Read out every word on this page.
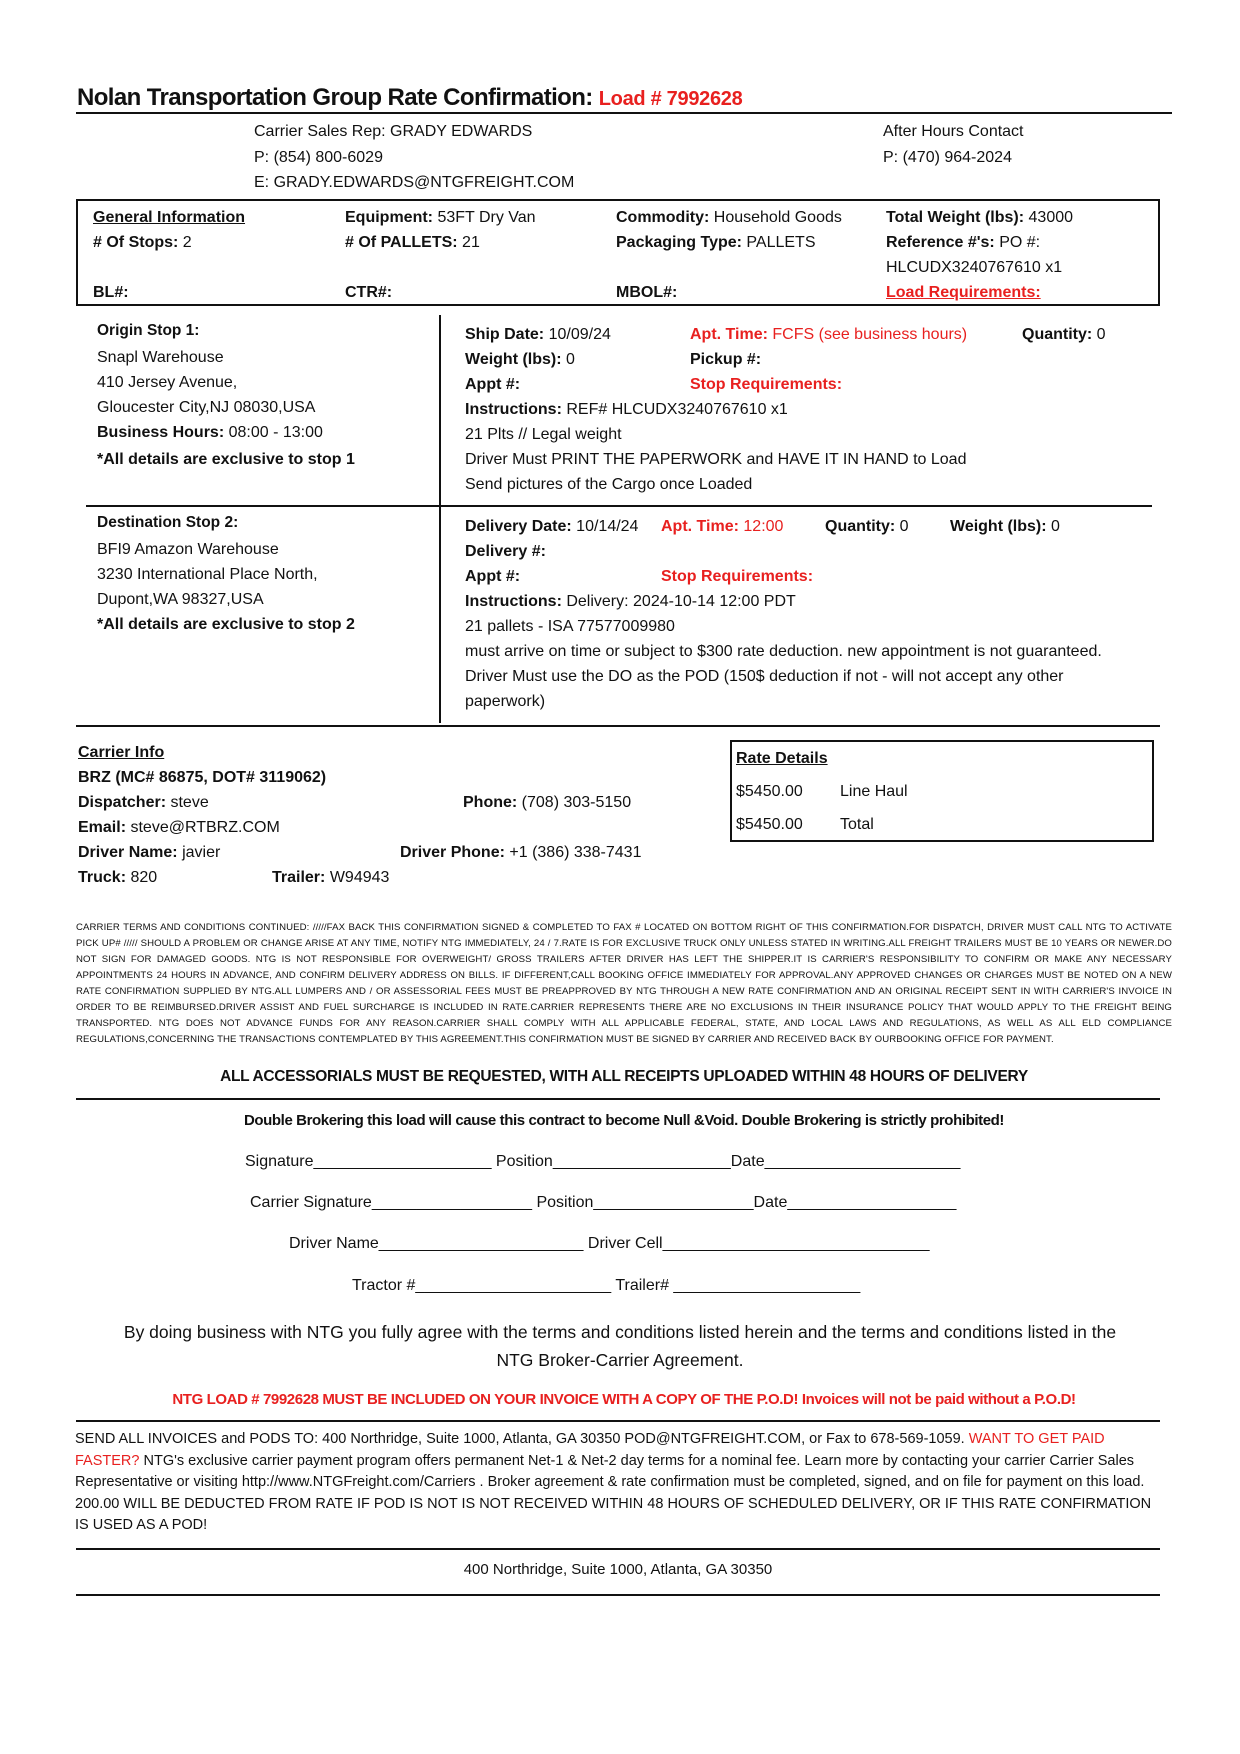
Nolan Transportation Group Rate Confirmation: Load # 7992628
Carrier Sales Rep: GRADY EDWARDS
P: (854) 800-6029
E: GRADY.EDWARDS@NTGFREIGHT.COM
After Hours Contact
P: (470) 964-2024
General Information
# Of Stops: 2
Equipment: 53FT Dry Van
# Of PALLETS: 21
Commodity: Household Goods
Packaging Type: PALLETS
Total Weight (lbs): 43000
Reference #'s: PO #:
HLCUDX3240767610 x1
BL#:	CTR#:	MBOL#:	Load Requirements:
Origin Stop 1:
Snapl Warehouse
410 Jersey Avenue,
Gloucester City,NJ 08030,USA
Business Hours: 08:00 - 13:00
*All details are exclusive to stop 1
Ship Date: 10/09/24	Apt. Time: FCFS (see business hours)	Quantity: 0
Weight (lbs): 0	Pickup #:
Appt #:	Stop Requirements:
Instructions: REF# HLCUDX3240767610 x1
21 Plts // Legal weight
Driver Must PRINT THE PAPERWORK and HAVE IT IN HAND to Load
Send pictures of the Cargo once Loaded
Destination Stop 2:
BFI9 Amazon Warehouse
3230 International Place North,
Dupont,WA 98327,USA
*All details are exclusive to stop 2
Delivery Date: 10/14/24 Apt. Time: 12:00	Quantity: 0	Weight (lbs): 0
Delivery #:
Appt #:	Stop Requirements:
Instructions: Delivery: 2024-10-14 12:00 PDT
21 pallets - ISA 77577009980
must arrive on time or subject to $300 rate deduction. new appointment is not guaranteed.
Driver Must use the DO as the POD (150$ deduction if not - will not accept any other
paperwork)
Carrier Info
BRZ (MC# 86875, DOT# 3119062)
Dispatcher: steve	Phone: (708) 303-5150
Email: steve@RTBRZ.COM
Driver Name: javier	Driver Phone: +1 (386) 338-7431
Truck: 820	Trailer: W94943
Rate Details
$5450.00 Line Haul
$5450.00 Total
CARRIER TERMS AND CONDITIONS CONTINUED: /////FAX BACK THIS CONFIRMATION SIGNED & COMPLETED TO FAX # LOCATED ON BOTTOM RIGHT OF THIS CONFIRMATION.FOR DISPATCH, DRIVER MUST CALL NTG TO ACTIVATE PICK UP# ///// SHOULD A PROBLEM OR CHANGE ARISE AT ANY TIME, NOTIFY NTG IMMEDIATELY, 24 / 7.RATE IS FOR EXCLUSIVE TRUCK ONLY UNLESS STATED IN WRITING.ALL FREIGHT TRAILERS MUST BE 10 YEARS OR NEWER.DO NOT SIGN FOR DAMAGED GOODS. NTG IS NOT RESPONSIBLE FOR OVERWEIGHT/ GROSS TRAILERS AFTER DRIVER HAS LEFT THE SHIPPER.IT IS CARRIER'S RESPONSIBILITY TO CONFIRM OR MAKE ANY NECESSARY APPOINTMENTS 24 HOURS IN ADVANCE, AND CONFIRM DELIVERY ADDRESS ON BILLS. IF DIFFERENT,CALL BOOKING OFFICE IMMEDIATELY FOR APPROVAL.ANY APPROVED CHANGES OR CHARGES MUST BE NOTED ON A NEW RATE CONFIRMATION SUPPLIED BY NTG.ALL LUMPERS AND / OR ASSESSORIAL FEES MUST BE PREAPPROVED BY NTG THROUGH A NEW RATE CONFIRMATION AND AN ORIGINAL RECEIPT SENT IN WITH CARRIER'S INVOICE IN ORDER TO BE REIMBURSED.DRIVER ASSIST AND FUEL SURCHARGE IS INCLUDED IN RATE.CARRIER REPRESENTS THERE ARE NO EXCLUSIONS IN THEIR INSURANCE POLICY THAT WOULD APPLY TO THE FREIGHT BEING TRANSPORTED. NTG DOES NOT ADVANCE FUNDS FOR ANY REASON.CARRIER SHALL COMPLY WITH ALL APPLICABLE FEDERAL, STATE, AND LOCAL LAWS AND REGULATIONS, AS WELL AS ALL ELD COMPLIANCE REGULATIONS,CONCERNING THE TRANSACTIONS CONTEMPLATED BY THIS AGREEMENT.THIS CONFIRMATION MUST BE SIGNED BY CARRIER AND RECEIVED BACK BY OURBOOKING OFFICE FOR PAYMENT.
ALL ACCESSORIALS MUST BE REQUESTED, WITH ALL RECEIPTS UPLOADED WITHIN 48 HOURS OF DELIVERY
Double Brokering this load will cause this contract to become Null &Void. Double Brokering is strictly prohibited!
Signature____________________ Position____________________Date______________________
Carrier Signature__________________ Position__________________Date___________________
Driver Name_______________________ Driver Cell______________________________
Tractor #______________________ Trailer# _____________________
By doing business with NTG you fully agree with the terms and conditions listed herein and the terms and conditions listed in the
NTG Broker-Carrier Agreement.
NTG LOAD # 7992628 MUST BE INCLUDED ON YOUR INVOICE WITH A COPY OF THE P.O.D! Invoices will not be paid without a P.O.D!
SEND ALL INVOICES and PODS TO: 400 Northridge, Suite 1000, Atlanta, GA 30350 POD@NTGFREIGHT.COM, or Fax to 678-569-1059. WANT TO GET PAID FASTER? NTG's exclusive carrier payment program offers permanent Net-1 & Net-2 day terms for a nominal fee. Learn more by contacting your carrier Carrier Sales Representative or visiting http://www.NTGFreight.com/Carriers . Broker agreement & rate confirmation must be completed, signed, and on file for payment on this load. 200.00 WILL BE DEDUCTED FROM RATE IF POD IS NOT IS NOT RECEIVED WITHIN 48 HOURS OF SCHEDULED DELIVERY, OR IF THIS RATE CONFIRMATION IS USED AS A POD!
400 Northridge, Suite 1000, Atlanta, GA 30350
